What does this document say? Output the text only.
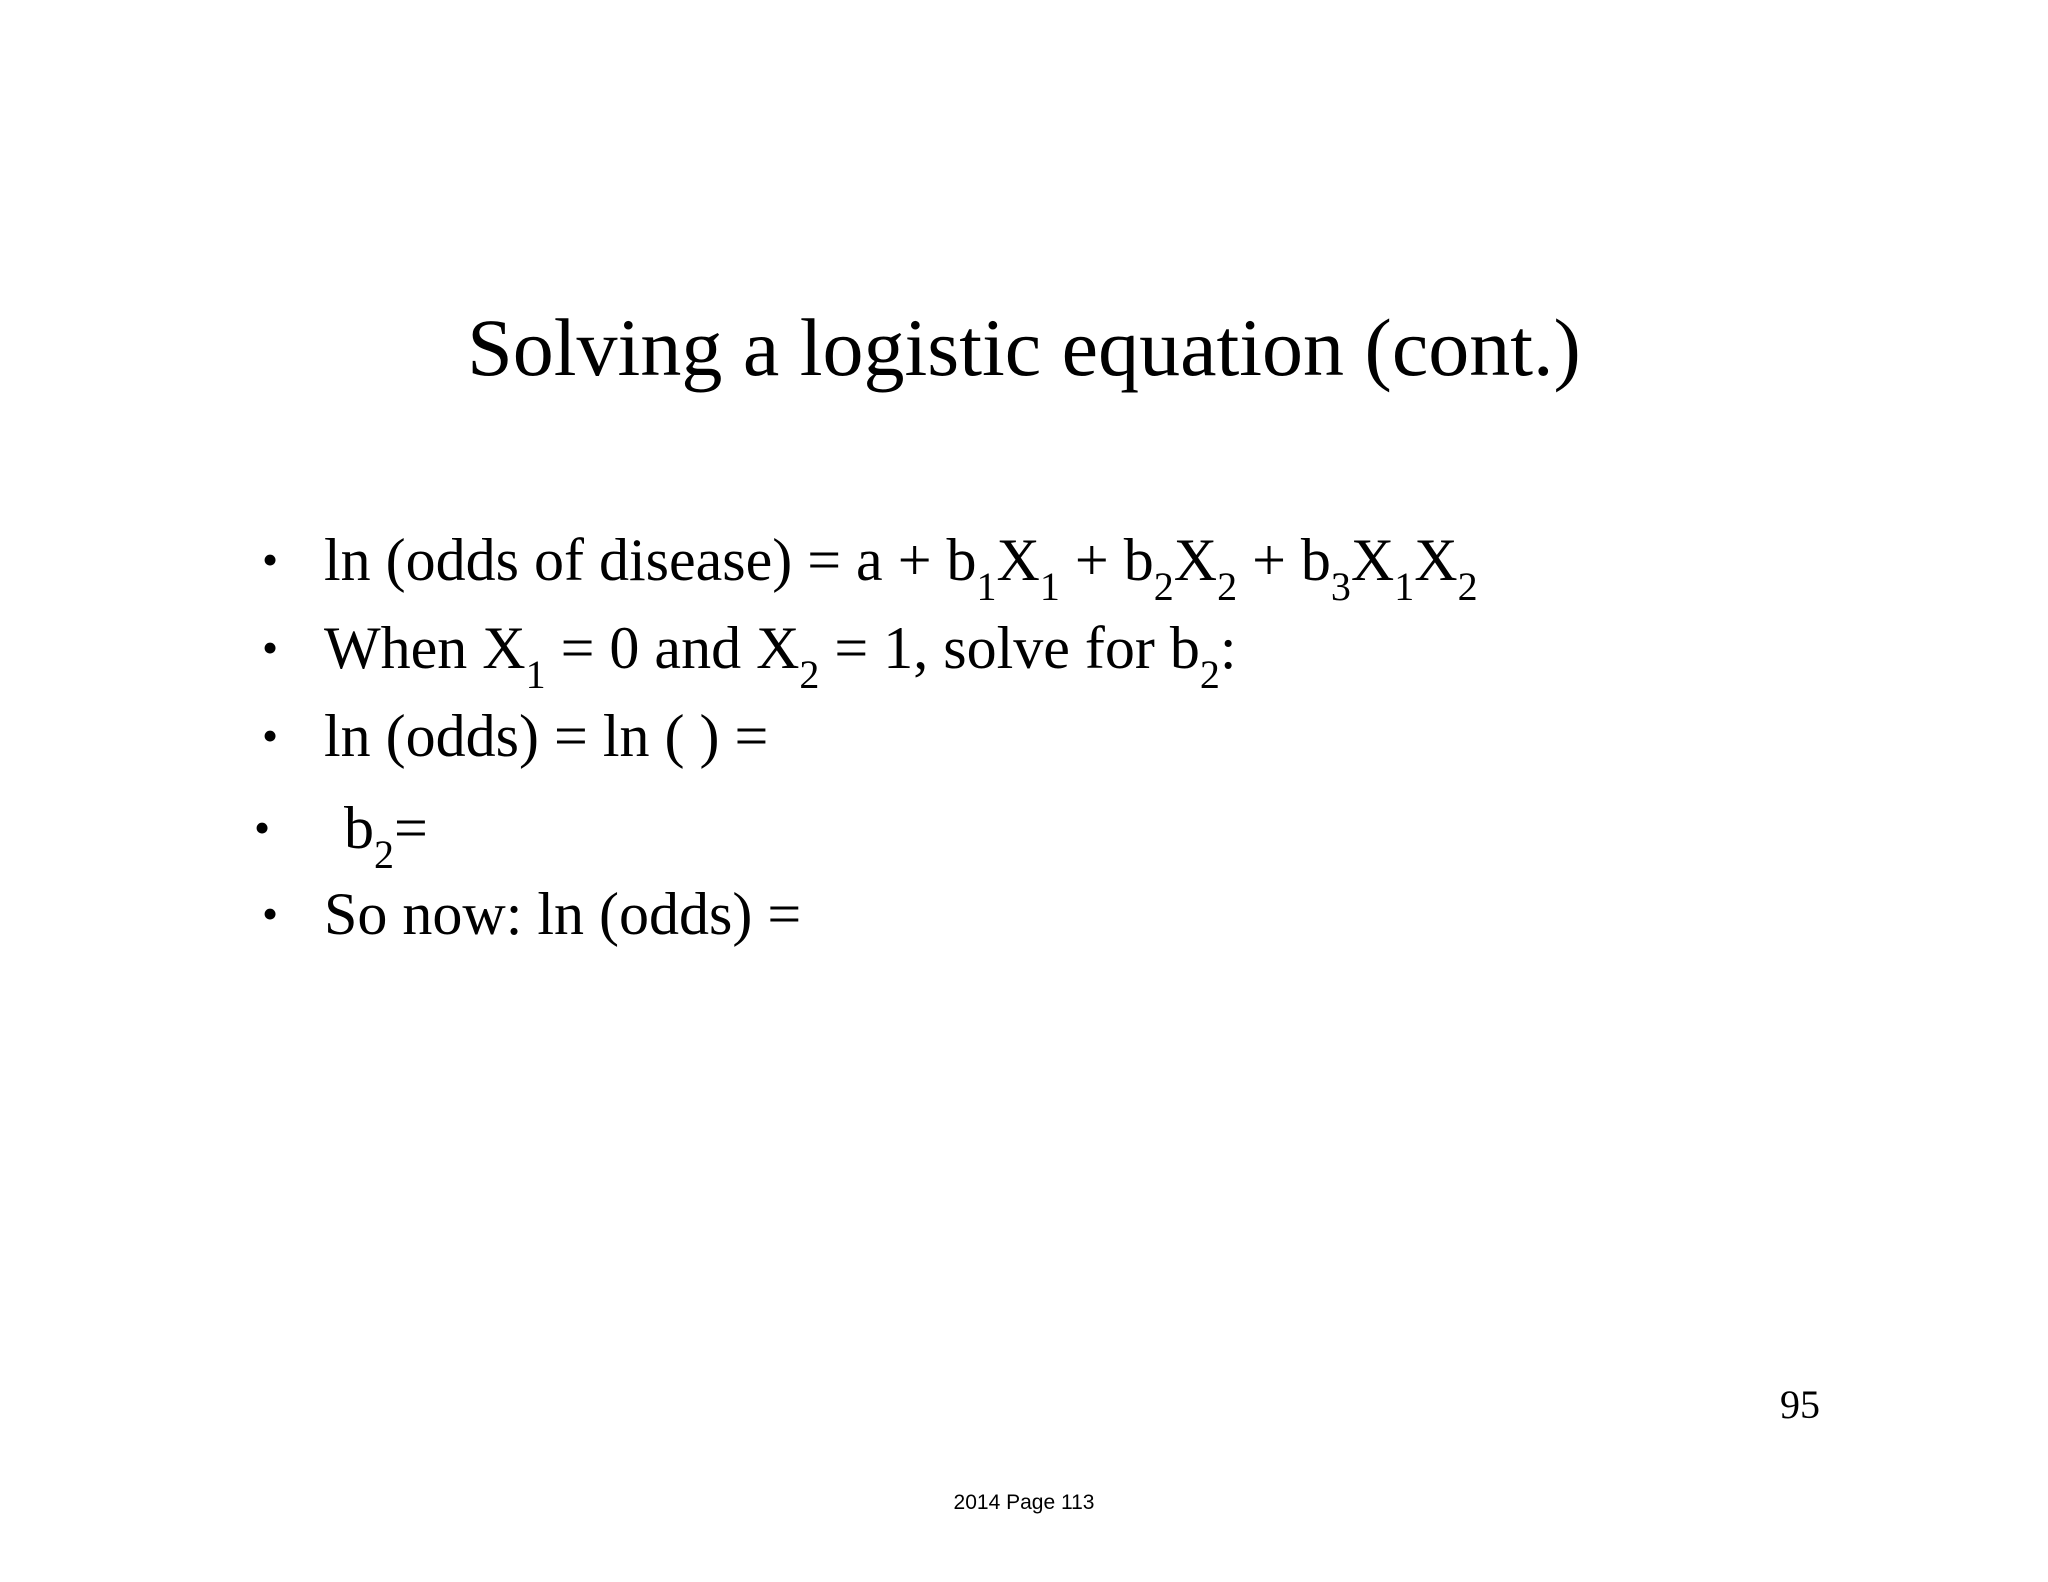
Solving a logistic equation (cont.)
• ln (odds of disease) = $a + b_1X_1 + b_2X_2 + b_3X_1X_2$
• When $X_1 = 0$ and $X_2 = 1$, solve for $b_2$:
• ln (odds) = ln ( ) =
• $b_2=$
• So now: ln (odds) =
95
2014 Page 113
